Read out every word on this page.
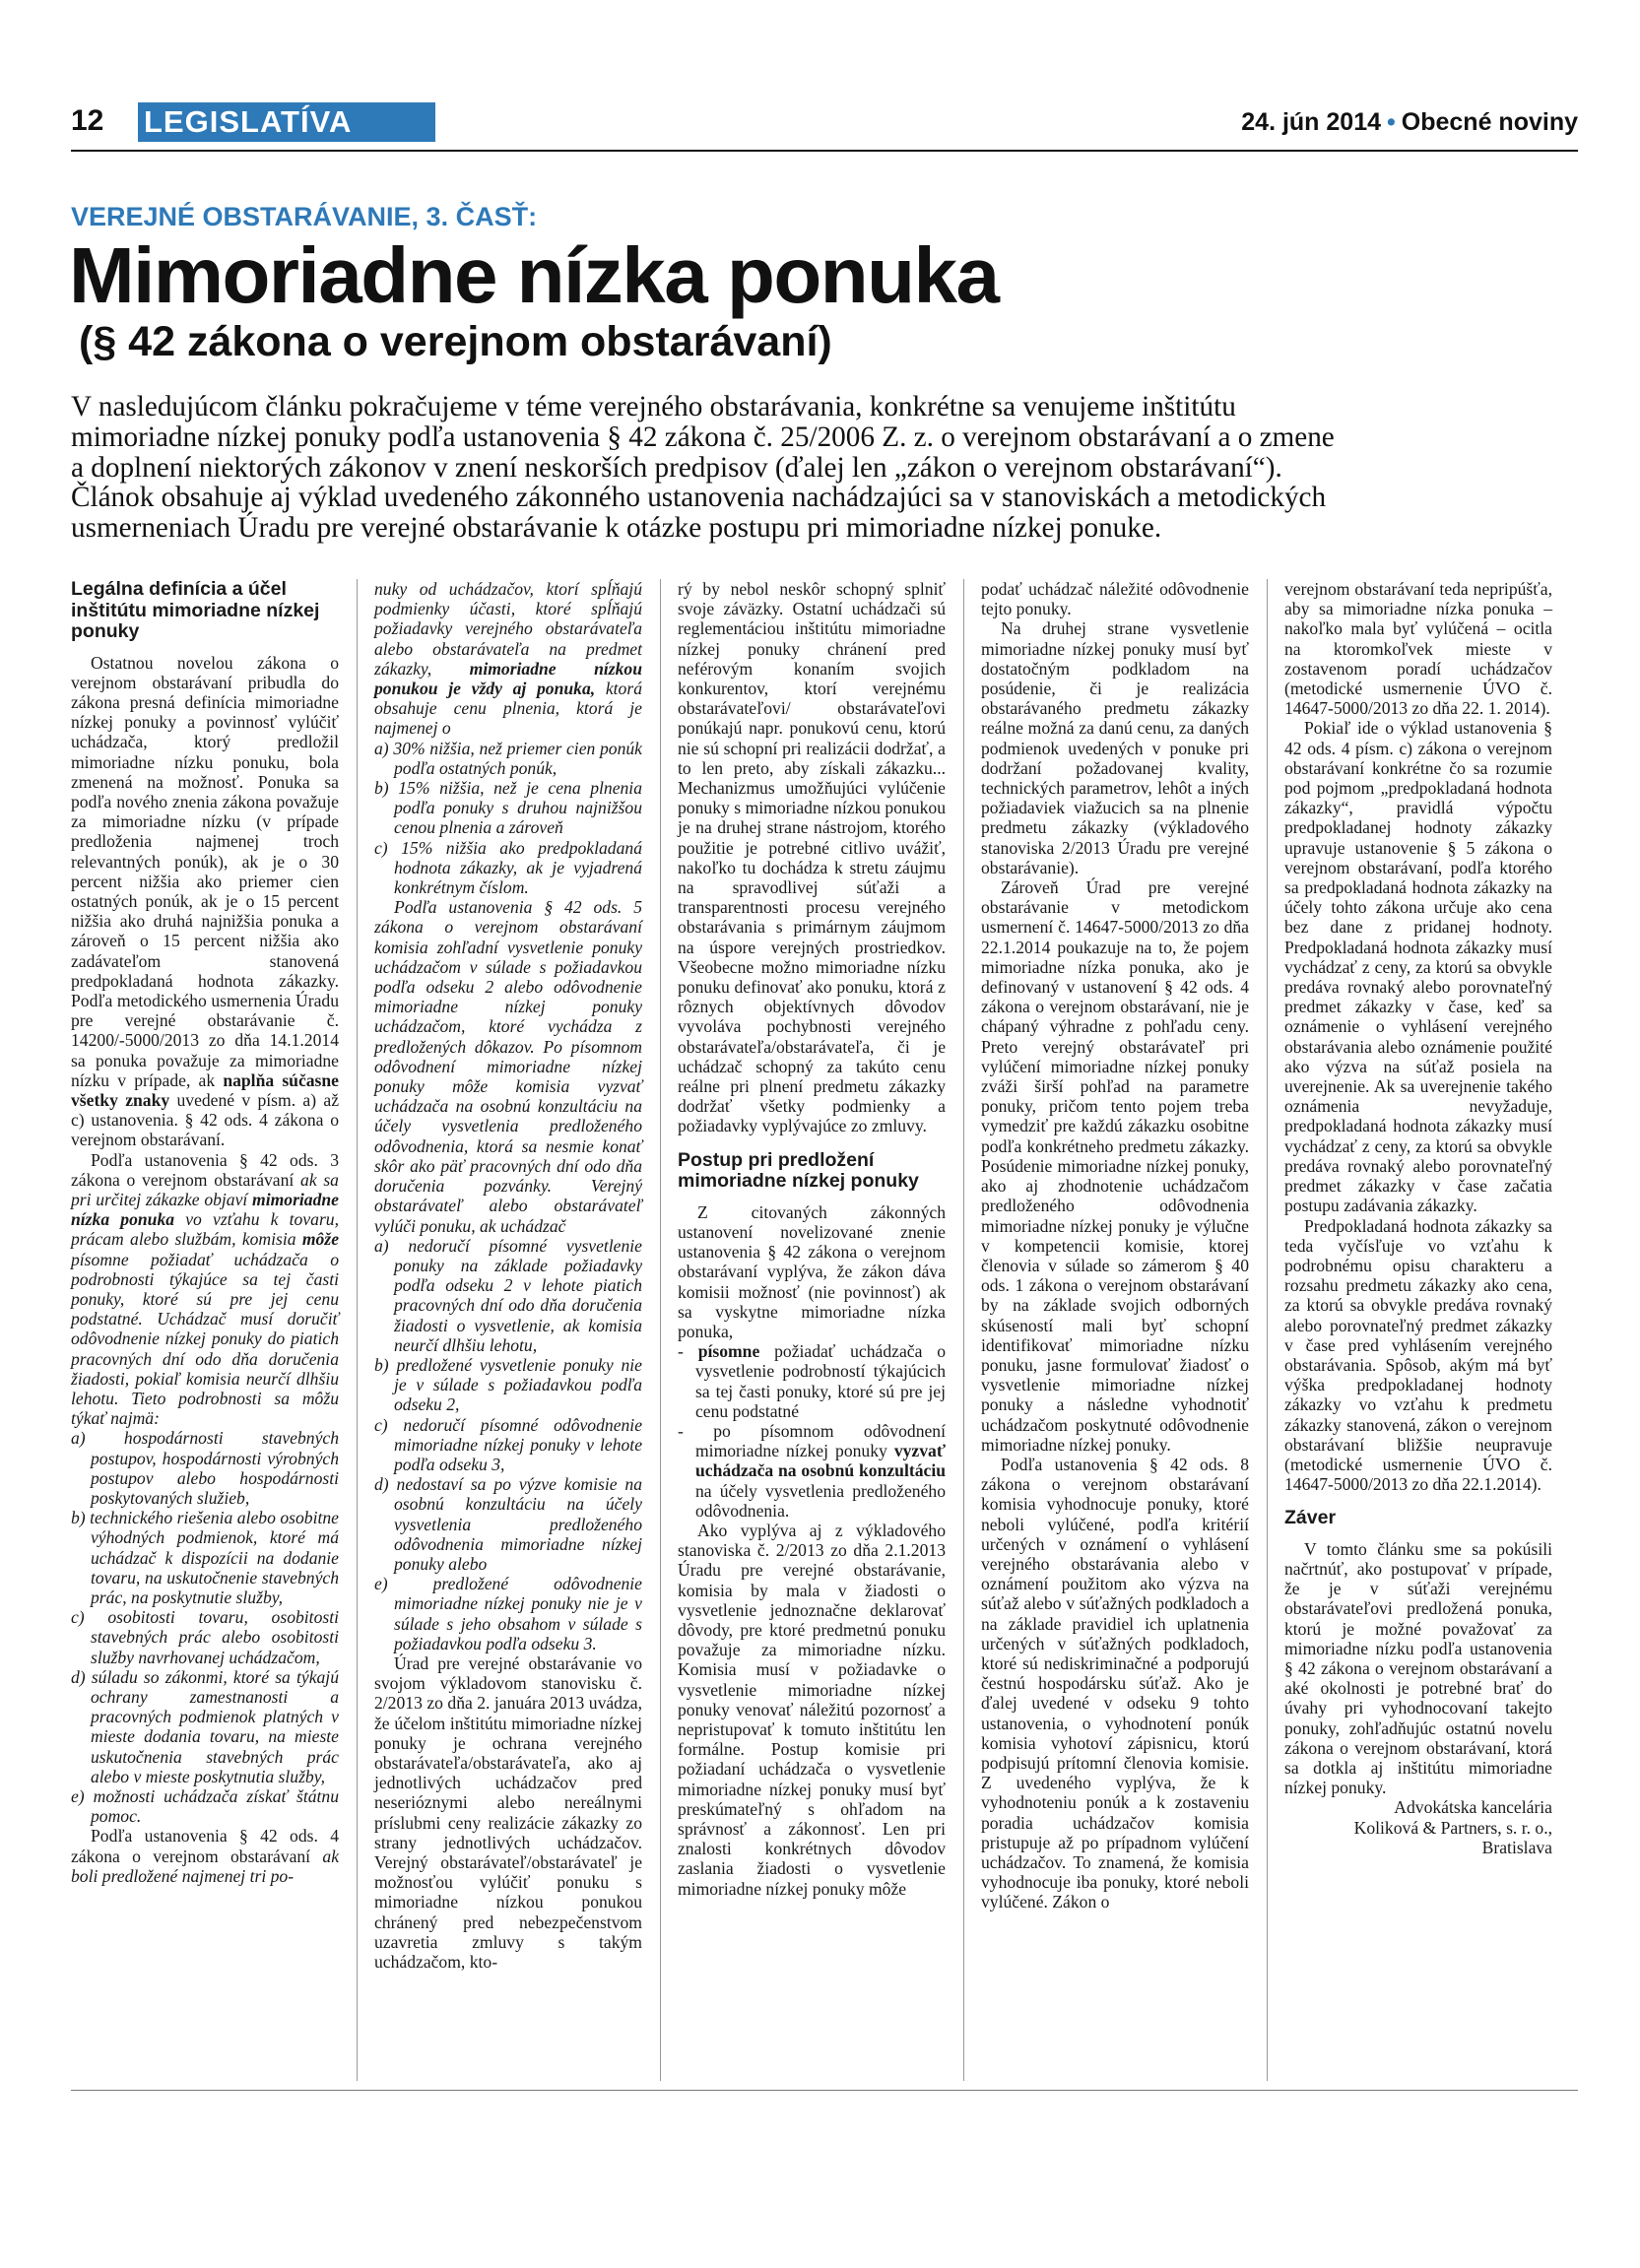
12 LEGISLATÍVA	24. jún 2014 • Obecné noviny
VEREJNÉ OBSTARÁVANIE, 3. ČASŤ:
Mimoriadne nízka ponuka
(§ 42 zákona o verejnom obstarávaní)
V nasledujúcom článku pokračujeme v téme verejného obstarávania, konkrétne sa venujeme inštitútu
mimoriadne nízkej ponuky podľa ustanovenia § 42 zákona č. 25/2006 Z. z. o verejnom obstarávaní a o zmene
a doplnení niektorých zákonov v znení neskorších predpisov (ďalej len „zákon o verejnom obstarávaní“).
Článok obsahuje aj výklad uvedeného zákonného ustanovenia nachádzajúci sa v stanoviskách a metodických
usmerneniach Úradu pre verejné obstarávanie k otázke postupu pri mimoriadne nízkej ponuke.
Legálna definícia a účel inštitútu mimoriadne nízkej ponuky

Ostatnou novelou zákona o verejnom obstarávaní pribudla do zákona presná definícia mimoriadne nízkej ponuky a povinnosť vylúčiť uchádzača, ktorý predložil mimoriadne nízku ponuku, bola zmenená na možnosť. Ponuka sa podľa nového znenia zákona považuje za mimoriadne nízku (v prípade predloženia najmenej troch relevantných ponúk), ak je o 30 percent nižšia ako priemer cien ostatných ponúk, ak je o 15 percent nižšia ako druhá najnižšia ponuka a zároveň o 15 percent nižšia ako zadávateľom stanovená predpokladaná hodnota zákazky. Podľa metodického usmernenia Úradu pre verejné obstarávanie č. 14200/-5000/2013 zo dňa 14.1.2014 sa ponuka považuje za mimoriadne nízku v prípade, ak naplňa súčasne všetky znaky uvedené v písm. a) až c) ustanovenia. § 42 ods. 4 zákona o verejnom obstarávaní.

Podľa ustanovenia § 42 ods. 3 zákona o verejnom obstarávaní ak sa pri určitej zákazke objaví mimoriadne nízka ponuka vo vzťahu k tovaru, prácam alebo službám, komisia môže písomne požiadať uchádzača o podrobnosti týkajúce sa tej časti ponuky, ktoré sú pre jej cenu podstatné. Uchádzač musí doručiť odôvodnenie nízkej ponuky do piatich pracovných dní odo dňa doručenia žiadosti, pokiaľ komisia neurčí dlhšiu lehotu. Tieto podrobnosti sa môžu týkať najmä:

a) hospodárnosti stavebných postupov, hospodárnosti výrobných postupov alebo hospodárnosti poskytovaných služieb,
b) technického riešenia alebo osobitne výhodných podmienok, ktoré má uchádzač k dispozícii na dodanie tovaru, na uskutočnenie stavebných prác, na poskytnutie služby,
c) osobitosti tovaru, osobitosti stavebných prác alebo osobitosti služby navrhovanej uchádzačom,
d) súladu so zákonmi, ktoré sa týkajú ochrany zamestnanosti a pracovných podmienok platných v mieste dodania tovaru, na mieste uskutočnenia stavebných prác alebo v mieste poskytnutia služby,
e) možnosti uchádzača získať štátnu pomoc.

Podľa ustanovenia § 42 ods. 4 zákona o verejnom obstarávaní ak boli predložené najmenej tri po-

nuky od uchádzačov, ktorí spĺňajú podmienky účasti, ktoré spĺňajú požiadavky verejného obstarávateľa alebo obstarávateľa na predmet zákazky, mimoriadne nízkou ponukou je vždy aj ponuka, ktorá obsahuje cenu plnenia, ktorá je najmenej o

a) 30% nižšia, než priemer cien ponúk podľa ostatných ponúk,
b) 15% nižšia, než je cena plnenia podľa ponuky s druhou najnižšou cenou plnenia a zároveň
c) 15% nižšia ako predpokladaná hodnota zákazky, ak je vyjadrená konkrétnym číslom.

Podľa ustanovenia § 42 ods. 5 zákona o verejnom obstarávaní komisia zohľadní vysvetlenie ponuky uchádzačom v súlade s požiadavkou podľa odseku 2 alebo odôvodnenie mimoriadne nízkej ponuky uchádzačom, ktoré vychádza z predložených dôkazov. Po písomnom odôvodnení mimoriadne nízkej ponuky môže komisia vyzvať uchádzača na osobnú konzultáciu na účely vysvetlenia predloženého odôvodnenia, ktorá sa nesmie konať skôr ako päť pracovných dní odo dňa doručenia pozvánky. Verejný obstarávateľ alebo obstarávateľ vylúči ponuku, ak uchádzač

a) nedoručí písomné vysvetlenie ponuky na základe požiadavky podľa odseku 2 v lehote piatich pracovných dní odo dňa doručenia žiadosti o vysvetlenie, ak komisia neurčí dlhšiu lehotu,
b) predložené vysvetlenie ponuky nie je v súlade s požiadavkou podľa odseku 2,
c) nedoručí písomné odôvodnenie mimoriadne nízkej ponuky v lehote podľa odseku 3,
d) nedostaví sa po výzve komisie na osobnú konzultáciu na účely vysvetlenia predloženého odôvodnenia mimoriadne nízkej ponuky alebo
e) predložené odôvodnenie mimoriadne nízkej ponuky nie je v súlade s jeho obsahom v súlade s požiadavkou podľa odseku 3.

Úrad pre verejné obstarávanie vo svojom výkladovom stanovisku č. 2/2013 zo dňa 2. januára 2013 uvádza, že účelom inštitútu mimoriadne nízkej ponuky je ochrana verejného obstarávateľa/obstarávateľa, ako aj jednotlivých uchádzačov pred neserióznymi alebo nereálnymi príslubmi ceny realizácie zákazky zo strany jednotlivých uchádzačov. Verejný obstarávateľ/obstarávateľ je možnosťou vylúčiť ponuku s mimoriadne nízkou ponukou chránený pred nebezpečenstvom uzavretia zmluvy s takým uchádzačom, kto-

rý by nebol neskôr schopný splniť svoje záväzky. Ostatní uchádzači sú reglementáciou inštitútu mimoriadne nízkej ponuky chránení pred neférovým konaním svojich konkurentov, ktorí verejnému obstarávateľovi/ obstarávateľovi ponúkajú napr. ponukovú cenu, ktorú nie sú schopní pri realizácii dodržať, a to len preto, aby získali zákazku... Mechanizmus umožňujúci vylúčenie ponuky s mimoriadne nízkou ponukou je na druhej strane nástrojom, ktorého použitie je potrebné citlivo uvážiť, nakoľko tu dochádza k stretu záujmu na spravodlivej súťaži a transparentnosti procesu verejného obstarávania s primárnym záujmom na úspore verejných prostriedkov. Všeobecne možno mimoriadne nízku ponuku definovať ako ponuku, ktorá z rôznych objektívnych dôvodov vyvoláva pochybnosti verejného obstarávateľa/obstarávateľa, či je uchádzač schopný za takúto cenu reálne pri plnení predmetu zákazky dodržať všetky podmienky a požiadavky vyplývajúce zo zmluvy.

Postup pri predložení mimoriadne nízkej ponuky

Z citovaných zákonných ustanovení novelizované znenie ustanovenia § 42 zákona o verejnom obstarávaní vyplýva, že zákon dáva komisii možnosť (nie povinnosť) ak sa vyskytne mimoriadne nízka ponuka,

- písomne požiadať uchádzača o vysvetlenie podrobností týkajúcich sa tej časti ponuky, ktoré sú pre jej cenu podstatné
- po písomnom odôvodnení mimoriadne nízkej ponuky vyzvať uchádzača na osobnú konzultáciu na účely vysvetlenia predloženého odôvodnenia.

Ako vyplýva aj z výkladového stanoviska č. 2/2013 zo dňa 2.1.2013 Úradu pre verejné obstarávanie, komisia by mala v žiadosti o vysvetlenie jednoznačne deklarovať dôvody, pre ktoré predmetnú ponuku považuje za mimoriadne nízku. Komisia musí v požiadavke o vysvetlenie mimoriadne nízkej ponuky venovať náležitú pozornosť a nepristupovať k tomuto inštitútu len formálne. Postup komisie pri požiadaní uchádzača o vysvetlenie mimoriadne nízkej ponuky musí byť preskúmateľný s ohľadom na správnosť a zákonnosť. Len pri znalosti konkrétnych dôvodov zaslania žiadosti o vysvetlenie mimoriadne nízkej ponuky môže

podať uchádzač náležité odôvodnenie tejto ponuky.

Na druhej strane vysvetlenie mimoriadne nízkej ponuky musí byť dostatočným podkladom na posúdenie, či je realizácia obstarávaného predmetu zákazky reálne možná za danú cenu, za daných podmienok uvedených v ponuke pri dodržaní požadovanej kvality, technických parametrov, lehôt a iných požiadaviek viažucich sa na plnenie predmetu zákazky (výkladového stanoviska 2/2013 Úradu pre verejné obstarávanie).

Zároveň Úrad pre verejné obstarávanie v metodickom usmernení č. 14647-5000/2013 zo dňa 22.1.2014 poukazuje na to, že pojem mimoriadne nízka ponuka, ako je definovaný v ustanovení § 42 ods. 4 zákona o verejnom obstarávaní, nie je chápaný výhradne z pohľadu ceny. Preto verejný obstarávateľ pri vylúčení mimoriadne nízkej ponuky zváži širší pohľad na parametre ponuky, pričom tento pojem treba vymedziť pre každú zákazku osobitne podľa konkrétneho predmetu zákazky. Posúdenie mimoriadne nízkej ponuky, ako aj zhodnotenie uchádzačom predloženého odôvodnenia mimoriadne nízkej ponuky je výlučne v kompetencii komisie, ktorej členovia v súlade so zámerom § 40 ods. 1 zákona o verejnom obstarávaní by na základe svojich odborných skúseností mali byť schopní identifikovať mimoriadne nízku ponuku, jasne formulovať žiadosť o vysvetlenie mimoriadne nízkej ponuky a následne vyhodnotiť uchádzačom poskytnuté odôvodnenie mimoriadne nízkej ponuky.

Podľa ustanovenia § 42 ods. 8 zákona o verejnom obstarávaní komisia vyhodnocuje ponuky, ktoré neboli vylúčené, podľa kritérií určených v oznámení o vyhlásení verejného obstarávania alebo v oznámení použitom ako výzva na súťaž alebo v súťažných podkladoch a na základe pravidiel ich uplatnenia určených v súťažných podkladoch, ktoré sú nediskriminačné a podporujú čestnú hospodársku súťaž. Ako je ďalej uvedené v odseku 9 tohto ustanovenia, o vyhodnotení ponúk komisia vyhotoví zápisnicu, ktorú podpisujú prítomní členovia komisie. Z uvedeného vyplýva, že k vyhodnoteniu ponúk a k zostaveniu poradia uchádzačov komisia pristupuje až po prípadnom vylúčení uchádzačov. To znamená, že komisia vyhodnocuje iba ponuky, ktoré neboli vylúčené. Zákon o

verejnom obstarávaní teda nepripúšťa, aby sa mimoriadne nízka ponuka – nakoľko mala byť vylúčená – ocitla na ktoromkoľvek mieste v zostavenom poradí uchádzačov (metodické usmernenie ÚVO č. 14647-5000/2013 zo dňa 22. 1. 2014).

Pokiaľ ide o výklad ustanovenia § 42 ods. 4 písm. c) zákona o verejnom obstarávaní konkrétne čo sa rozumie pod pojmom „predpokladaná hodnota zákazky“, pravidlá výpočtu predpokladanej hodnoty zákazky upravuje ustanovenie § 5 zákona o verejnom obstarávaní, podľa ktorého sa predpokladaná hodnota zákazky na účely tohto zákona určuje ako cena bez dane z pridanej hodnoty. Predpokladaná hodnota zákazky musí vychádzať z ceny, za ktorú sa obvykle predáva rovnaký alebo porovnateľný predmet zákazky v čase, keď sa oznámenie o vyhlásení verejného obstarávania alebo oznámenie použité ako výzva na súťaž posiela na uverejnenie. Ak sa uverejnenie takého oznámenia nevyžaduje, predpokladaná hodnota zákazky musí vychádzať z ceny, za ktorú sa obvykle predáva rovnaký alebo porovnateľný predmet zákazky v čase začatia postupu zadávania zákazky.

Predpokladaná hodnota zákazky sa teda vyčísľuje vo vzťahu k podrobnému opisu charakteru a rozsahu predmetu zákazky ako cena, za ktorú sa obvykle predáva rovnaký alebo porovnateľný predmet zákazky v čase pred vyhlásením verejného obstarávania. Spôsob, akým má byť výška predpokladanej hodnoty zákazky vo vzťahu k predmetu zákazky stanovená, zákon o verejnom obstarávaní bližšie neupravuje (metodické usmernenie ÚVO č. 14647-5000/2013 zo dňa 22.1.2014).

Záver

V tomto článku sme sa pokúsili načrtnúť, ako postupovať v prípade, že je v súťaži verejnému obstarávateľovi predložená ponuka, ktorú je možné považovať za mimoriadne nízku podľa ustanovenia § 42 zákona o verejnom obstarávaní a aké okolnosti je potrebné brať do úvahy pri vyhodnocovaní takejto ponuky, zohľadňujúc ostatnú novelu zákona o verejnom obstarávaní, ktorá sa dotkla aj inštitútu mimoriadne nízkej ponuky.

Advokátska kancelária
Koliková & Partners, s. r. o.,
Bratislava
